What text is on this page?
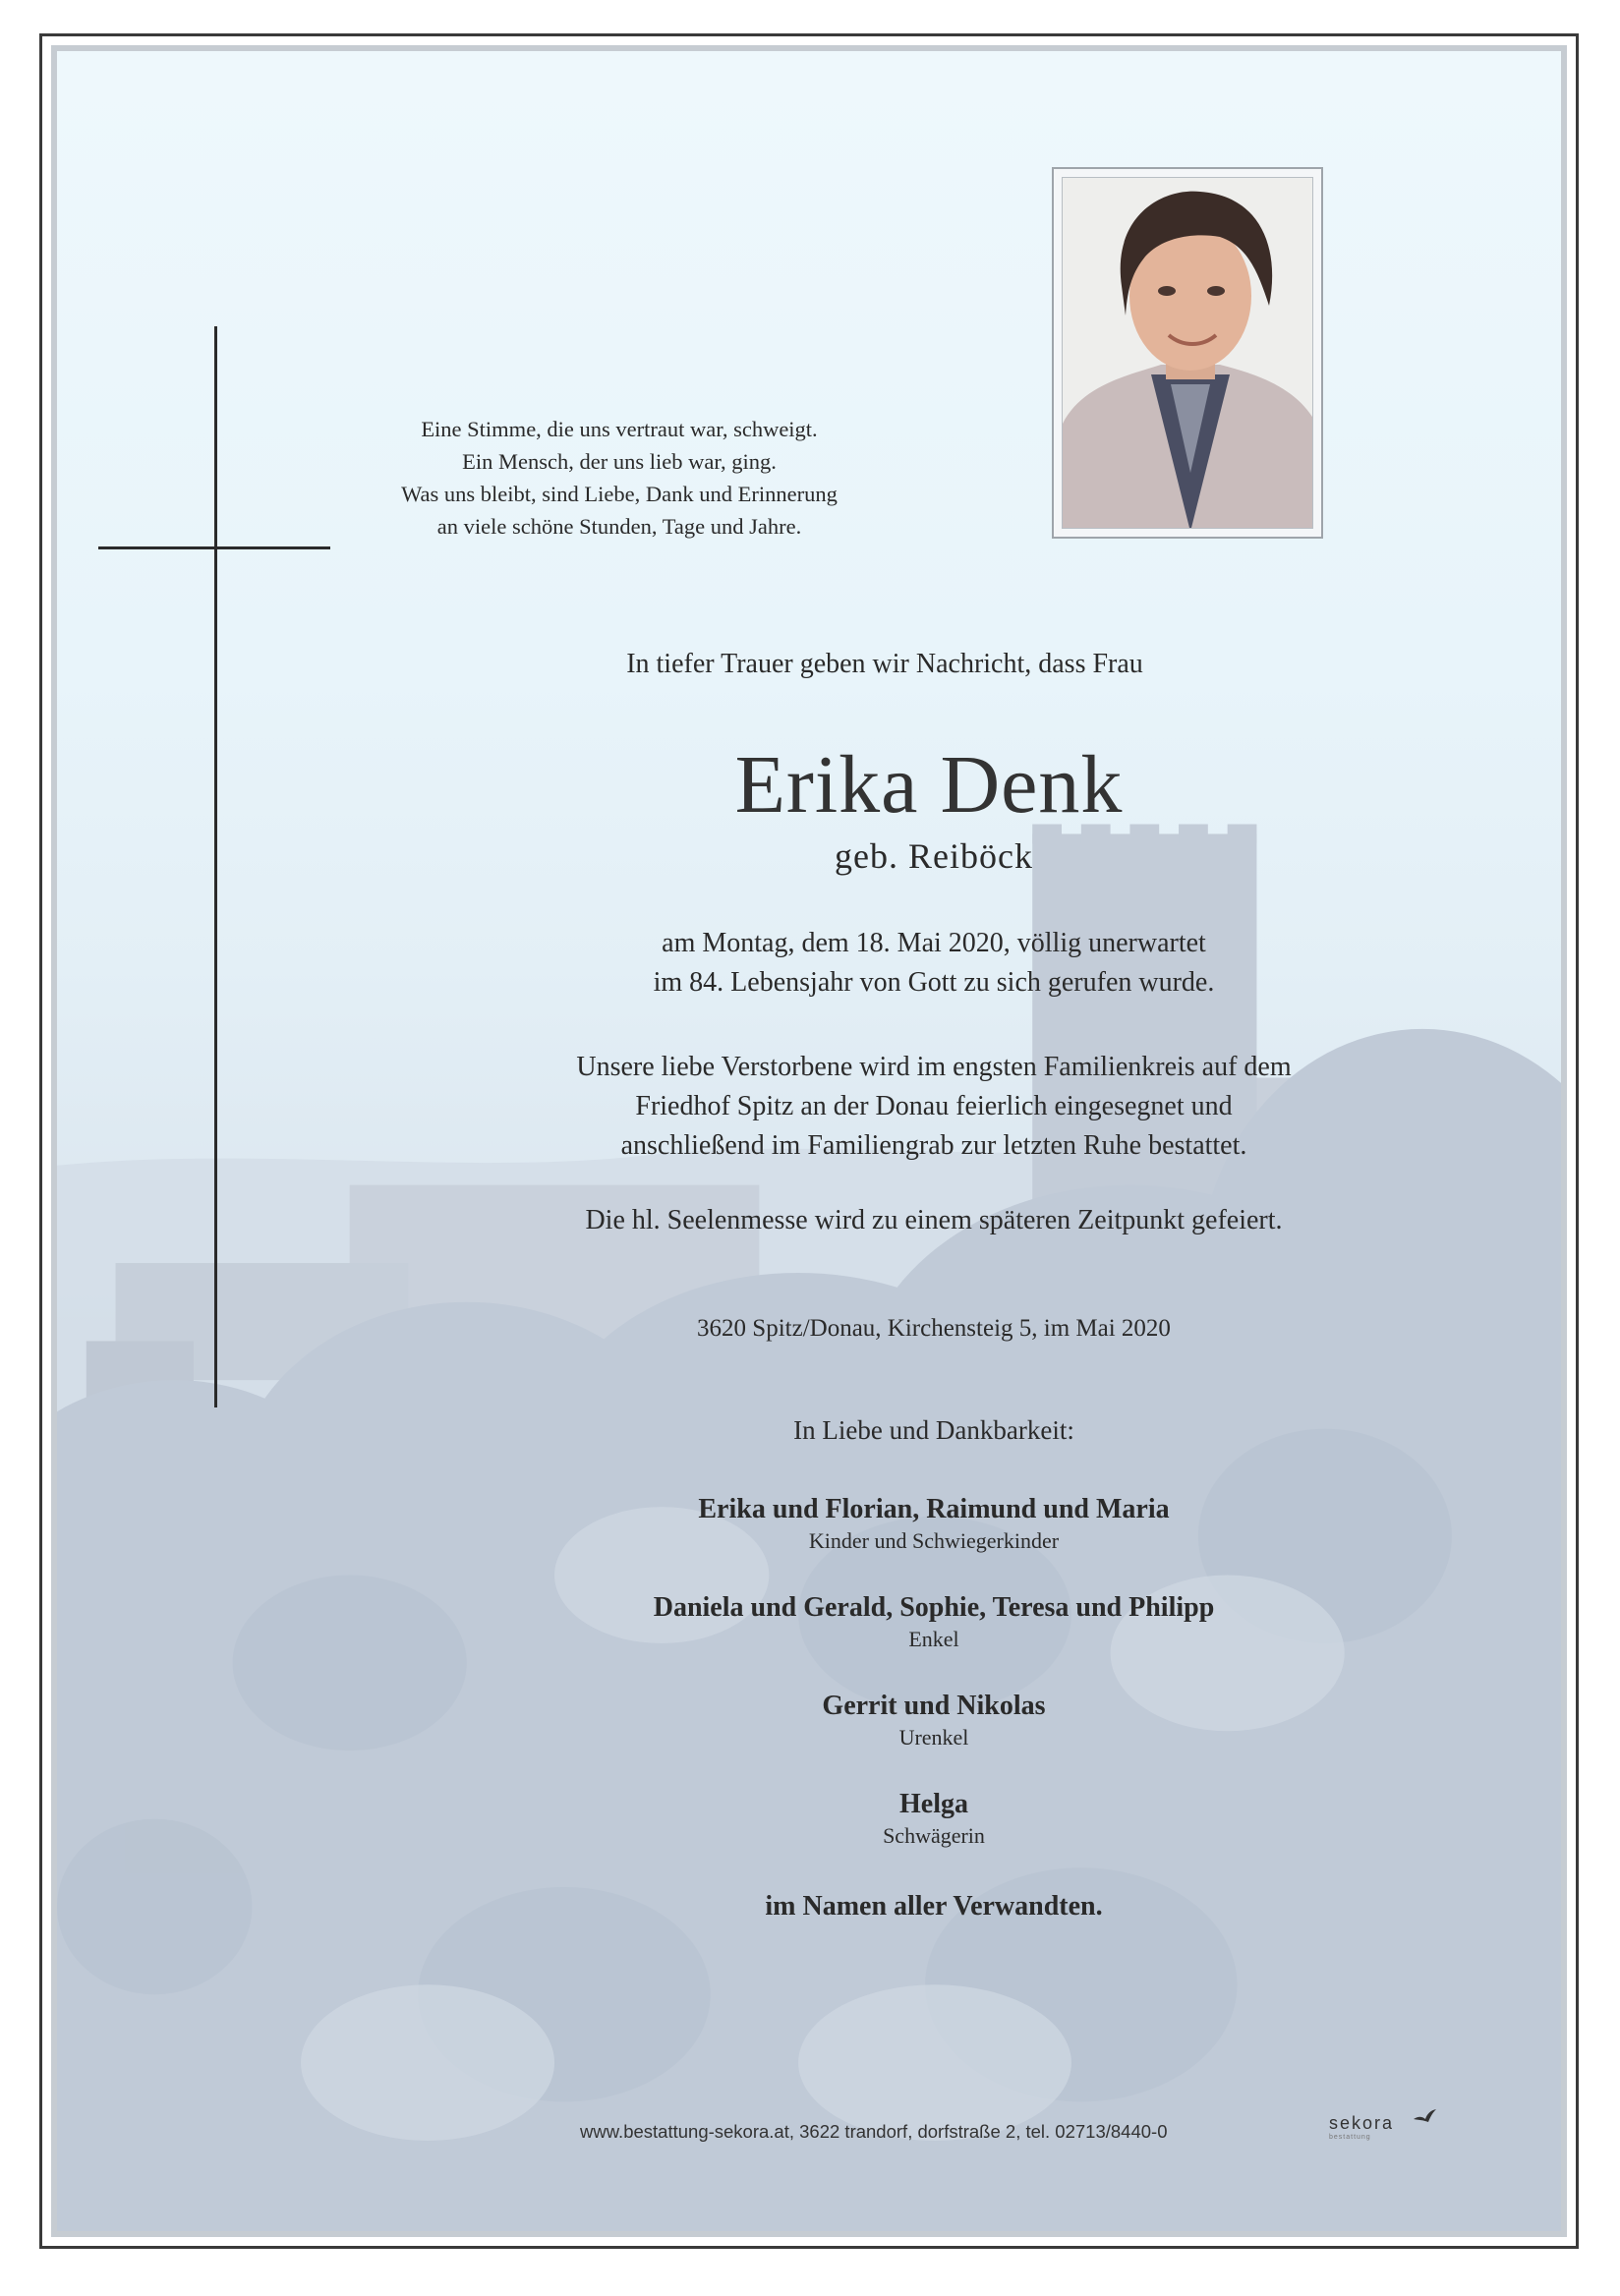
Eine Stimme, die uns vertraut war, schweigt.
Ein Mensch, der uns lieb war, ging.
Was uns bleibt, sind Liebe, Dank und Erinnerung
an viele schöne Stunden, Tage und Jahre.
In tiefer Trauer geben wir Nachricht, dass Frau
Erika Denk
geb. Reiböck
am Montag, dem 18. Mai 2020, völlig unerwartet
im 84. Lebensjahr von Gott zu sich gerufen wurde.
Unsere liebe Verstorbene wird im engsten Familienkreis auf dem
Friedhof Spitz an der Donau feierlich eingesegnet und
anschließend im Familiengrab zur letzten Ruhe bestattet.
Die hl. Seelenmesse wird zu einem späteren Zeitpunkt gefeiert.
3620 Spitz/Donau, Kirchensteig 5, im Mai 2020
In Liebe und Dankbarkeit:
Erika und Florian, Raimund und Maria
Kinder und Schwiegerkinder
Daniela und Gerald, Sophie, Teresa und Philipp
Enkel
Gerrit und Nikolas
Urenkel
Helga
Schwägerin
im Namen aller Verwandten.
www.bestattung-sekora.at, 3622 trandorf, dorfstraße 2, tel. 02713/8440-0	sekora
bestattung
